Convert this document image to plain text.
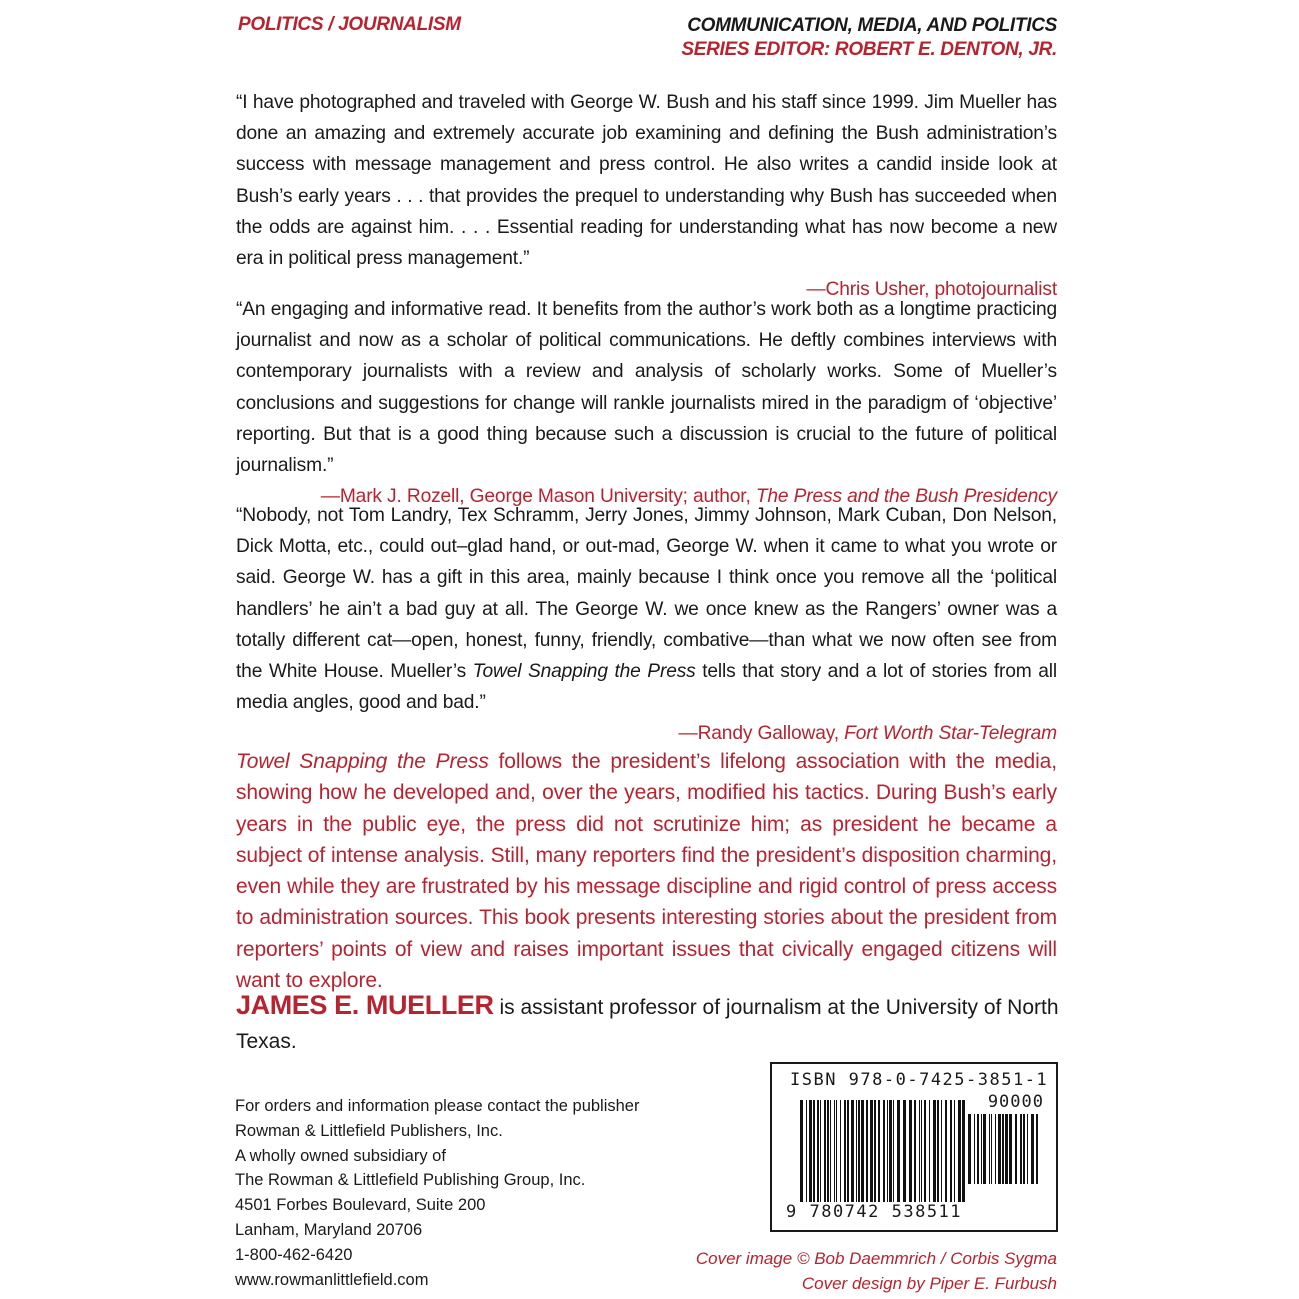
POLITICS / JOURNALISM	COMMUNICATION, MEDIA, AND POLITICS
SERIES EDITOR: ROBERT E. DENTON, JR.
“I have photographed and traveled with George W. Bush and his staff since 1999. Jim Mueller has done an amazing and extremely accurate job examining and defining the Bush administration’s success with message management and press control. He also writes a candid inside look at Bush’s early years . . . that provides the prequel to understanding why Bush has succeeded when the odds are against him. . . . Essential reading for understanding what has now become a new era in political press management.”
—Chris Usher, photojournalist
“An engaging and informative read. It benefits from the author’s work both as a longtime practicing journalist and now as a scholar of political communications. He deftly combines interviews with contemporary journalists with a review and analysis of scholarly works. Some of Mueller’s conclusions and suggestions for change will rankle journalists mired in the paradigm of ‘objective’ reporting. But that is a good thing because such a discussion is crucial to the future of political journalism.”
—Mark J. Rozell, George Mason University; author, The Press and the Bush Presidency
“Nobody, not Tom Landry, Tex Schramm, Jerry Jones, Jimmy Johnson, Mark Cuban, Don Nelson, Dick Motta, etc., could out–glad hand, or out-mad, George W. when it came to what you wrote or said. George W. has a gift in this area, mainly because I think once you remove all the ‘political handlers’ he ain’t a bad guy at all. The George W. we once knew as the Rangers’ owner was a totally different cat—open, honest, funny, friendly, combative—than what we now often see from the White House. Mueller’s Towel Snapping the Press tells that story and a lot of stories from all media angles, good and bad.”
—Randy Galloway, Fort Worth Star-Telegram
Towel Snapping the Press follows the president’s lifelong association with the media, showing how he developed and, over the years, modified his tactics. During Bush’s early years in the public eye, the press did not scrutinize him; as president he became a subject of intense analysis. Still, many reporters find the president’s disposition charming, even while they are frustrated by his message discipline and rigid control of press access to administration sources. This book presents interesting stories about the president from reporters’ points of view and raises important issues that civically engaged citizens will want to explore.
JAMES E. MUELLER is assistant professor of journalism at the University of North Texas.
For orders and information please contact the publisher
Rowman & Littlefield Publishers, Inc.
A wholly owned subsidiary of
The Rowman & Littlefield Publishing Group, Inc.
4501 Forbes Boulevard, Suite 200
Lanham, Maryland 20706
1-800-462-6420
www.rowmanlittlefield.com
ISBN 978-0-7425-3851-1
90000
9 780742 538511
Cover image © Bob Daemmrich / Corbis Sygma
Cover design by Piper E. Furbush
